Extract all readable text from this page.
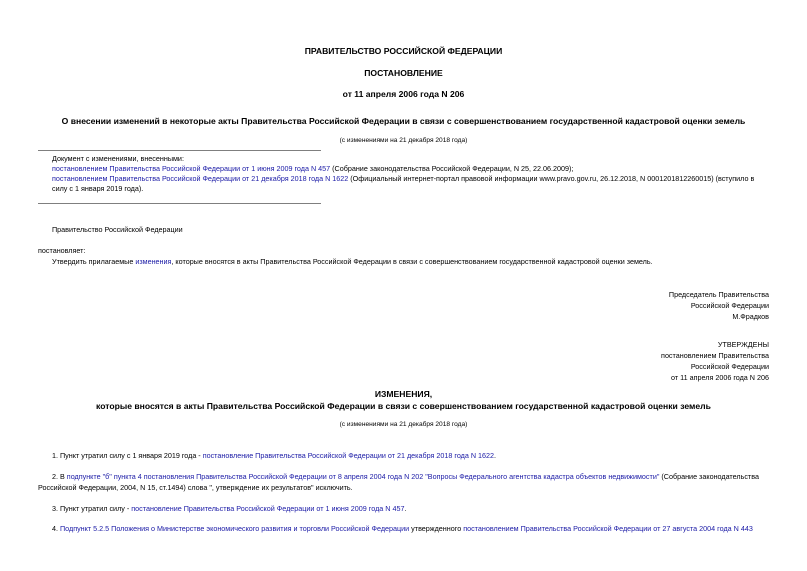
ПРАВИТЕЛЬСТВО РОССИЙСКОЙ ФЕДЕРАЦИИ
ПОСТАНОВЛЕНИЕ
от 11 апреля 2006 года N 206
О внесении изменений в некоторые акты Правительства Российской Федерации в связи с совершенствованием государственной кадастровой оценки земель
(с изменениями на 21 декабря 2018 года)
Документ с изменениями, внесенными:
постановлением Правительства Российской Федерации от 1 июня 2009 года N 457 (Собрание законодательства Российской Федерации, N 25, 22.06.2009);
постановлением Правительства Российской Федерации от 21 декабря 2018 года N 1622 (Официальный интернет-портал правовой информации www.pravo.gov.ru, 26.12.2018, N 0001201812260015) (вступило в
силу с 1 января 2019 года).
Правительство Российской Федерации
постановляет:
Утвердить прилагаемые изменения, которые вносятся в акты Правительства Российской Федерации в связи с совершенствованием государственной кадастровой оценки земель.
Председатель Правительства
Российской Федерации
М.Фрадков
УТВЕРЖДЕНЫ
постановлением Правительства
Российской Федерации
от 11 апреля 2006 года N 206
ИЗМЕНЕНИЯ,
которые вносятся в акты Правительства Российской Федерации в связи с совершенствованием государственной кадастровой оценки земель
(с изменениями на 21 декабря 2018 года)
1. Пункт утратил силу с 1 января 2019 года - постановление Правительства Российской Федерации от 21 декабря 2018 года N 1622.
2. В подпункте "б" пункта 4 постановления Правительства Российской Федерации от 8 апреля 2004 года N 202 "Вопросы Федерального агентства кадастра объектов недвижимости" (Собрание законодательства
Российской Федерации, 2004, N 15, ст.1494) слова ", утверждение их результатов" исключить.
3. Пункт утратил силу - постановление Правительства Российской Федерации от 1 июня 2009 года N 457.
4. Подпункт 5.2.5 Положения о Министерстве экономического развития и торговли Российской Федерации утвержденного постановлением Правительства Российской Федерации от 27 августа 2004 года N 443
